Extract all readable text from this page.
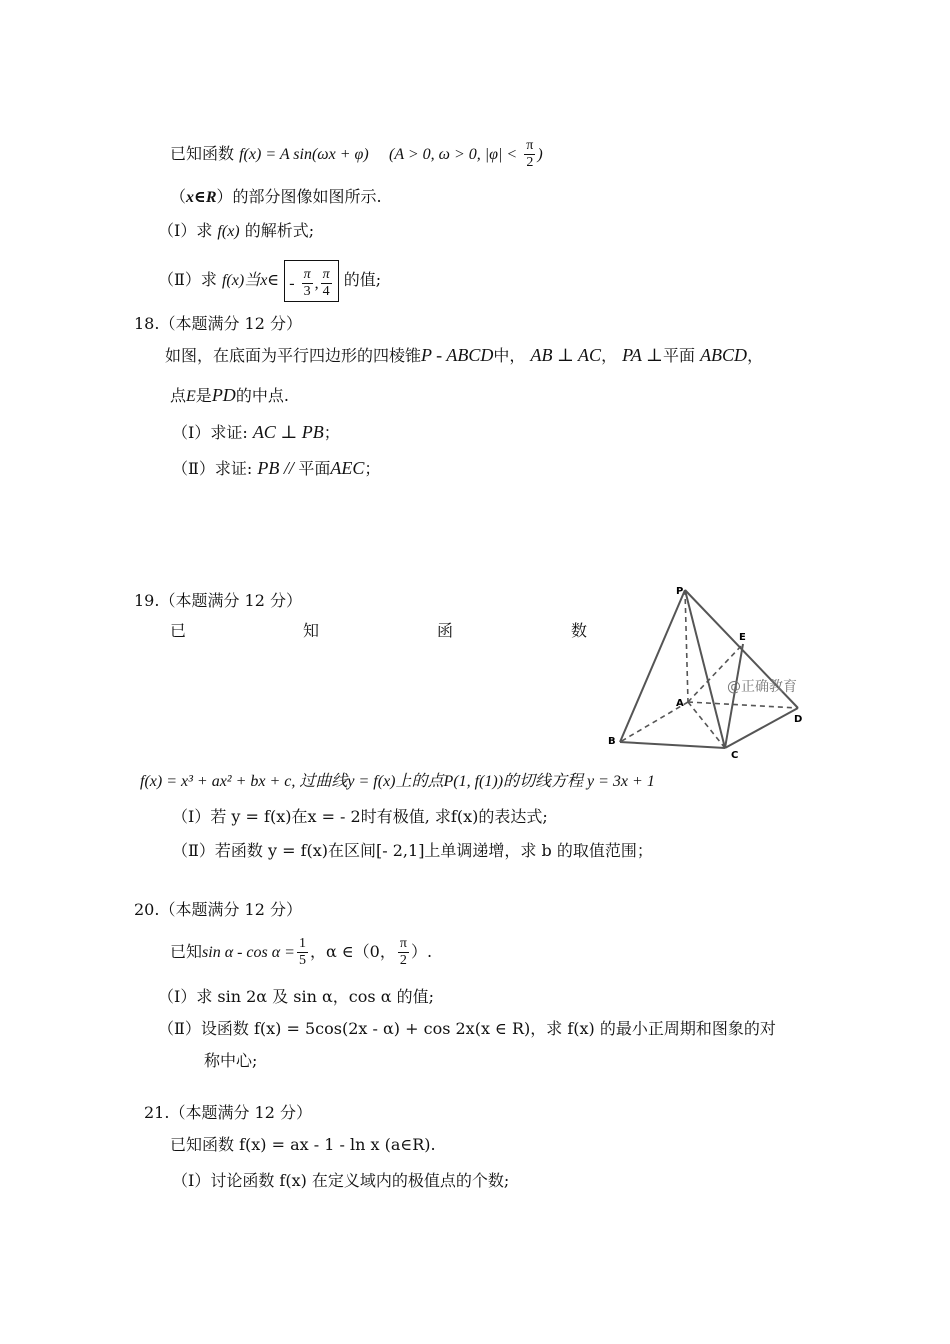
已知函数 f(x) = A sin(ωx + φ) (A > 0, ω > 0, $|\varphi| < \frac{\pi}{2}$ )
（x∈R）的部分图像如图所示.
（Ⅰ）求 f(x) 的解析式;
（Ⅱ）求 f(x)当x∈ - $\frac{\pi}{3}$ , $\frac{\pi}{4}$ 的值;
18.（本题满分 12 分）
如图，在底面为平行四边形的四棱锥P - ABCD中， AB ⊥ AC， PA ⊥平面 ABCD，
点E是PD的中点.
（Ⅰ）求证: AC ⊥ PB；
（Ⅱ）求证: PB // 平面AEC；
19.（本题满分 12 分）
已	知	函	数
P
E
A
D
B
C
@正确教育
f(x) = x³ + ax² + bx + c, 过曲线y = f(x)上的点P(1, f(1))的切线方程 y = 3x + 1
（Ⅰ）若 y = f(x)在x = - 2时有极值, 求f(x)的表达式;
（Ⅱ）若函数 y = f(x)在区间[- 2,1]上单调递增，求 b 的取值范围；
20.（本题满分 12 分）
已知$\sin \alpha - \cos \alpha = \frac{1}{5}$ ，α ∈（0， $\frac{\pi}{2}$ ）.
（Ⅰ）求 sin 2α 及 sin α，cos α 的值;
（Ⅱ）设函数 f(x) = 5cos(2x - α) + cos 2x(x ∈ R)，求 f(x) 的最小正周期和图象的对
称中心;
21.（本题满分 12 分）
已知函数 f(x) = ax - 1 - ln x (a∈R).
（Ⅰ）讨论函数 f(x) 在定义域内的极值点的个数;
